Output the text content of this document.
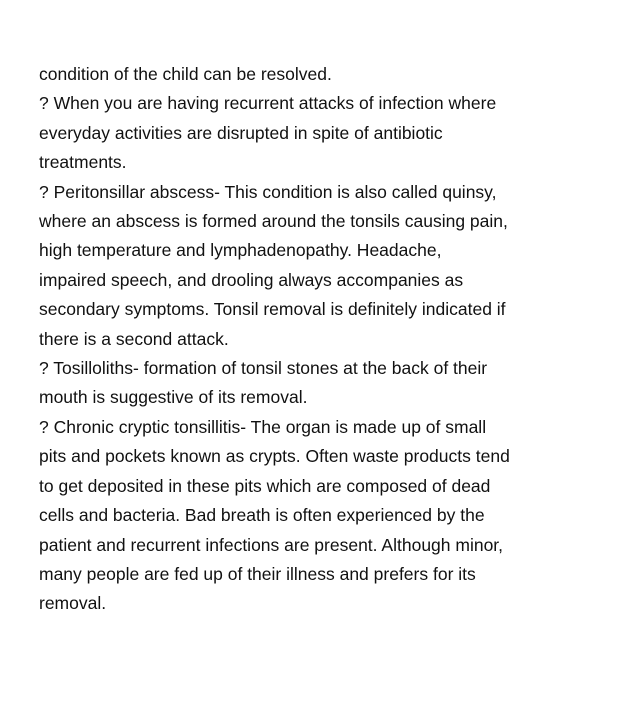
condition of the child can be resolved.
? When you are having recurrent attacks of infection where
everyday activities are disrupted in spite of antibiotic
treatments.
? Peritonsillar abscess- This condition is also called quinsy,
where an abscess is formed around the tonsils causing pain,
high temperature and lymphadenopathy. Headache,
impaired speech, and drooling always accompanies as
secondary symptoms. Tonsil removal is definitely indicated if
there is a second attack.
? Tosilloliths- formation of tonsil stones at the back of their
mouth is suggestive of its removal.
? Chronic cryptic tonsillitis- The organ is made up of small
pits and pockets known as crypts. Often waste products tend
to get deposited in these pits which are composed of dead
cells and bacteria. Bad breath is often experienced by the
patient and recurrent infections are present. Although minor,
many people are fed up of their illness and prefers for its
removal.
